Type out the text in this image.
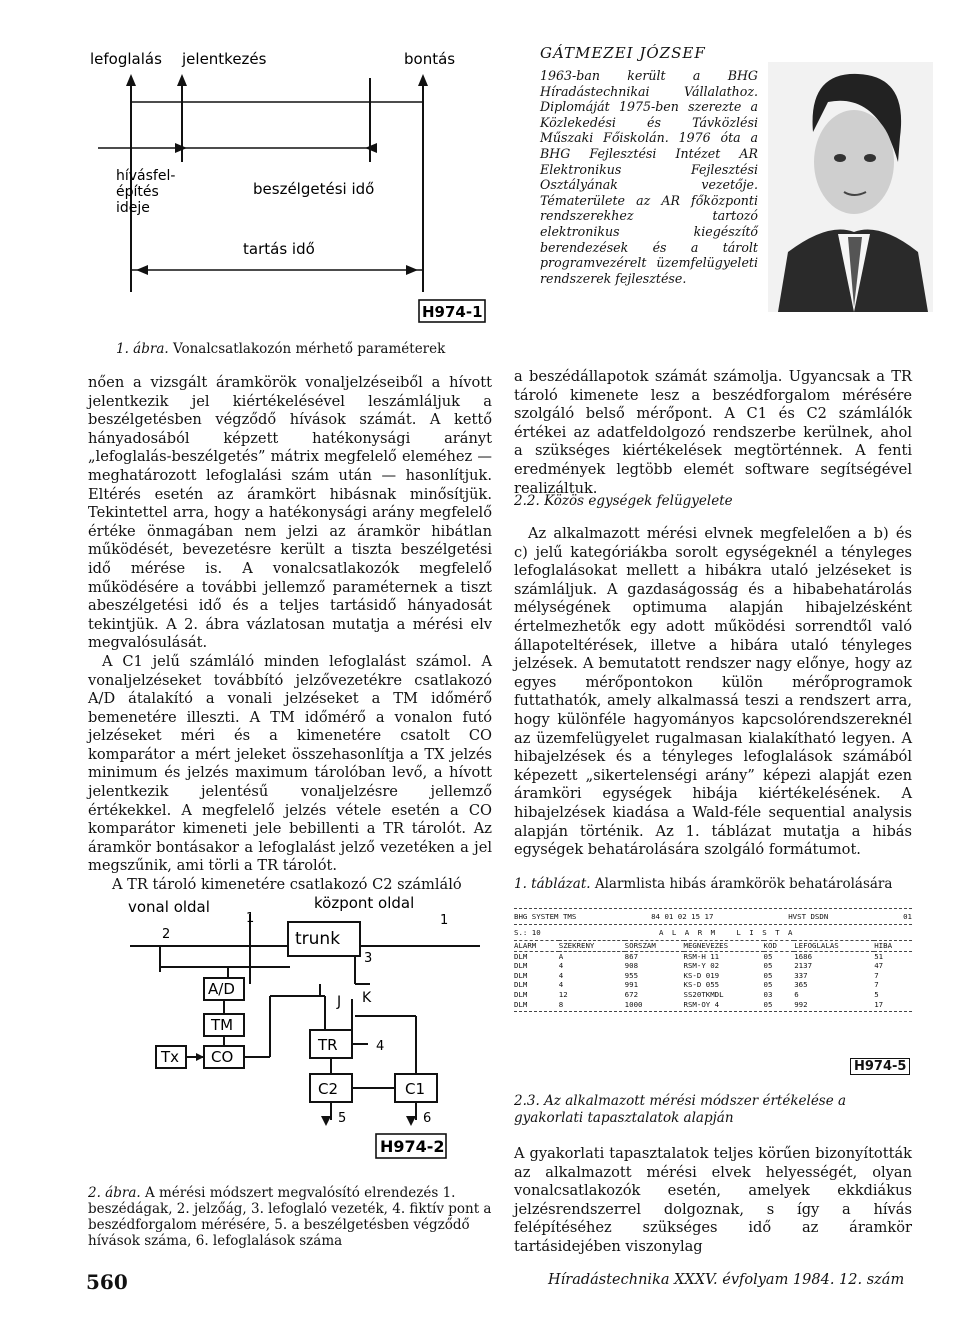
lefoglalás jelentkezés	bontás
hívásfel-
építés
ideje
beszélgetési idő
tartás idő
H974-1
1. ábra. Vonalcsatlakozón mérhető paraméterek
GÁTMEZEI JÓZSEF
1963-ban került a BHG Híradástechnikai Vállalathoz. Diplomáját 1975-ben szerezte a Közlekedési és Távközlési Műszaki Főiskolán. 1976 óta a BHG Fejlesztési Intézet AR Elektronikus Fejlesztési Osztályának vezetője. Tématerülete az AR főközponti rendszerekhez tartozó elektronikus kiegészítő berendezések és a tárolt programvezérelt üzemfelügyeleti rendszerek fejlesztése.

nően a vizsgált áramkörök vonaljelzéseiből a hívott jelentkezik jel kiértékelésével leszámláljuk a beszélgetésben végződő hívások számát. A kettő hányadosából képzett hatékonysági arányt „lefoglalás-beszélgetés” mátrix megfelelő eleméhez — meghatározott lefoglalási szám után — hasonlítjuk. Eltérés esetén az áramkört hibásnak minősítjük. Tekintettel arra, hogy a hatékonysági arány megfelelő értéke önmagában nem jelzi az áramkör hibátlan működését, bevezetésre került a tiszta beszélgetési idő mérése is. A vonalcsatlakozók megfelelő működésére a további jellemző paraméternek a tiszt abeszélgetési idő és a teljes tartásidő hányadosát tekintjük. A 2. ábra vázlatosan mutatja a mérési elv megvalósulását.

A C1 jelű számláló minden lefoglalást számol. A vonaljelzéseket továbbító jelzővezetékre csatlakozó A/D átalakító a vonali jelzéseket a TM időmérő bemenetére illeszti. A TM időmérő a vonalon futó jelzéseket méri és a kimenetére csatolt CO komparátor a mért jeleket összehasonlítja a TX jelzés minimum és jelzés maximum tárolóban levő, a hívott jelentkezik jelentésű vonaljelzésre jellemző értékekkel. A megfelelő jelzés vétele esetén a CO komparátor kimeneti jele bebillenti a TR tárolót. Az áramkör bontásakor a lefoglalást jelző vezetéken a jel megszűnik, ami törli a TR tárolót.

A TR tároló kimenetére csatlakozó C2 számláló

vonal oldal	központ oldal
trunk
A/D
TM
CO
Tx
TR
C2	C1
J K
1	1
2
3
4
5	6
H974-2
2. ábra. A mérési módszert megvalósító elrendezés 1. beszédágak, 2. jelzőág, 3. lefoglaló vezeték, 4. fiktív pont a beszédforgalom mérésére, 5. a beszélgetésben végződő hívások száma, 6. lefoglalások száma

a beszédállapotok számát számolja. Ugyancsak a TR tároló kimenete lesz a beszédforgalom mérésére szolgáló belső mérőpont. A C1 és C2 számlálók értékei az adatfeldolgozó rendszerbe kerülnek, ahol a szükséges kiértékelések megtörténnek. A fenti eredmények legtöbb elemét software segítségével realizáltuk.

2.2. Közös egységek felügyelete

Az alkalmazott mérési elvnek megfelelően a b) és c) jelű kategóriákba sorolt egységeknél a tényleges lefoglalásokat mellett a hibákra utaló jelzéseket is számláljuk. A gazdaságosság és a hibabehatárolás mélységének optimuma alapján hibajelzésként értelmezhetők egy adott működési sorrendtől való állapoteltérések, illetve a hibára utaló tényleges jelzések. A bemutatott rendszer nagy előnye, hogy az egyes mérőpontokon külön mérőprogramok futtathatók, amely alkalmassá teszi a rendszert arra, hogy különféle hagyományos kapcsolórendszereknél az üzemfelügyelet rugalmasan kialakítható legyen. A hibajelzések és a tényleges lefoglalások számából képezett „sikertelenségi arány” képezi alapját ezen áramköri egységek hibája kiértékelésének. A hibajelzések kiadása a Wald-féle sequential analysis alapján történik. Az 1. táblázat mutatja a hibás egységek behatárolására szolgáló formátumot.

1. táblázat. Alarmlista hibás áramkörök behatárolására
BHG SYSTEM TMS	84 01 02 15 17	HVST DSDN	01
S.: 10	A L A R M   L I S T A
ALARM	SZEKRENY	SORSZAM	MEGNEVEZES	KOD	LEFOGLALAS	HIBA
DLM	A	867	RSM-H 11	05	1686	51
DLM	4	908	RSM-Y 02	05	2137	47
DLM	4	955	KS-D 019	05	337	7
DLM	4	991	KS-D 055	05	365	7
DLM	12	672	SS20TKMDL	03	6	5
DLM	8	1000	RSM-OY 4	05	992	17
H974-5
2.3. Az alkalmazott mérési módszer értékelése a gyakorlati tapasztalatok alapján

A gyakorlati tapasztalatok teljes körűen bizonyították az alkalmazott mérési elvek helyességét, olyan vonalcsatlakozók esetén, amelyek ekkdiákus jelzésrendszerrel dolgoznak, s így a hívás felépítéséhez szükséges idő az áramkör tartásidejében viszonylag

560	Híradástechnika XXXV. évfolyam 1984. 12. szám
